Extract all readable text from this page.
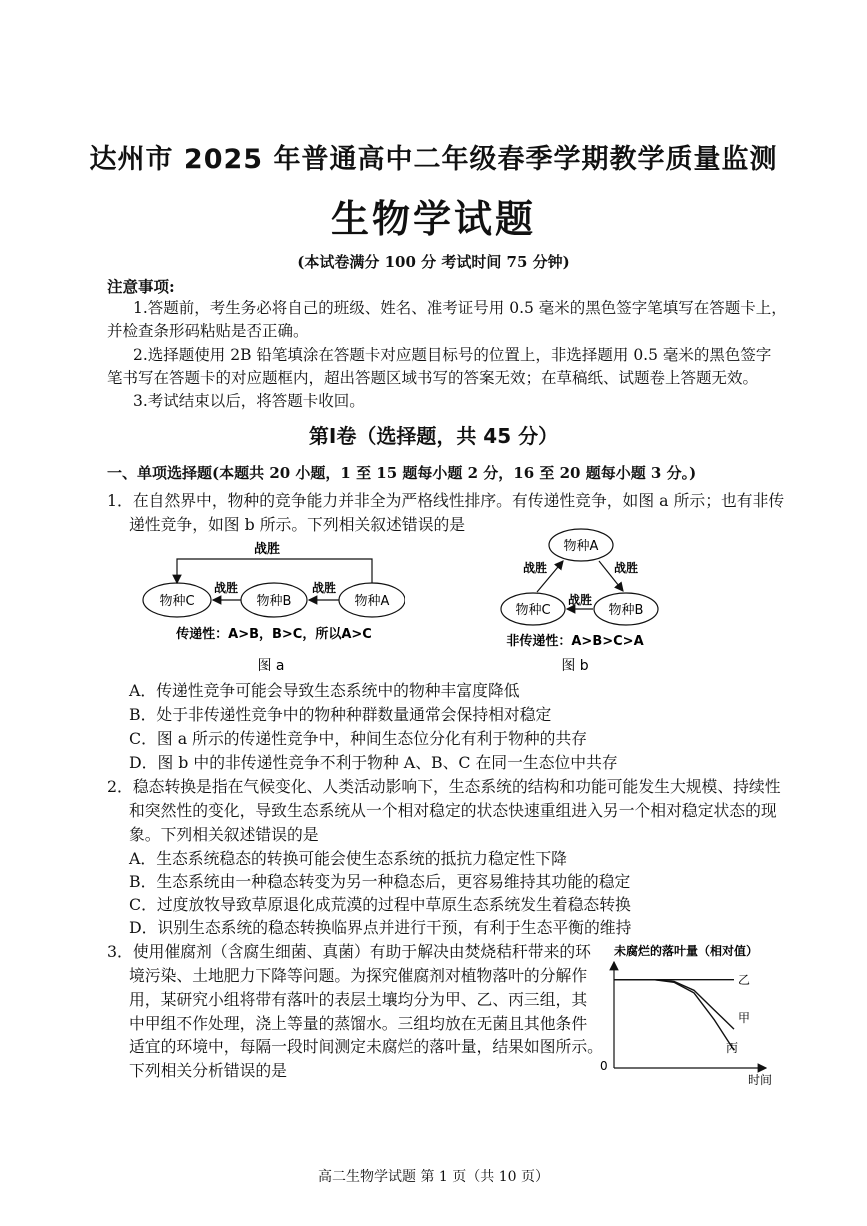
达州市 2025 年普通高中二年级春季学期教学质量监测
生物学试题
(本试卷满分 100 分 考试时间 75 分钟)
注意事项:
1.答题前，考生务必将自己的班级、姓名、准考证号用 0.5 毫米的黑色签字笔填写在答题卡上，
并检查条形码粘贴是否正确。
2.选择题使用 2B 铅笔填涂在答题卡对应题目标号的位置上，非选择题用 0.5 毫米的黑色签字
笔书写在答题卡的对应题框内，超出答题区域书写的答案无效；在草稿纸、试题卷上答题无效。
3.考试结束以后，将答题卡收回。
第Ⅰ卷（选择题，共 45 分）
一、单项选择题(本题共 20 小题，1 至 15 题每小题 2 分，16 至 20 题每小题 3 分。)
1．在自然界中，物种的竞争能力并非全为严格线性排序。有传递性竞争，如图 a 所示；也有非传
递性竞争，如图 b 所示。下列相关叙述错误的是
战胜
物种C	物种B	物种A
战胜	战胜
传递性：A>B，B>C，所以A>C
图 a
物种A
物种C	物种B
战胜	战胜
战胜
非传递性：A>B>C>A
图 b
A．传递性竞争可能会导致生态系统中的物种丰富度降低
B．处于非传递性竞争中的物种种群数量通常会保持相对稳定
C．图 a 所示的传递性竞争中，种间生态位分化有利于物种的共存
D．图 b 中的非传递性竞争不利于物种 A、B、C 在同一生态位中共存
2．稳态转换是指在气候变化、人类活动影响下，生态系统的结构和功能可能发生大规模、持续性
和突然性的变化，导致生态系统从一个相对稳定的状态快速重组进入另一个相对稳定状态的现
象。下列相关叙述错误的是
A．生态系统稳态的转换可能会使生态系统的抵抗力稳定性下降
B．生态系统由一种稳态转变为另一种稳态后，更容易维持其功能的稳定
C．过度放牧导致草原退化成荒漠的过程中草原生态系统发生着稳态转换
D．识别生态系统的稳态转换临界点并进行干预，有利于生态平衡的维持
3．使用催腐剂（含腐生细菌、真菌）有助于解决由焚烧秸秆带来的环
境污染、土地肥力下降等问题。为探究催腐剂对植物落叶的分解作
用，某研究小组将带有落叶的表层土壤均分为甲、乙、丙三组，其
中甲组不作处理，浇上等量的蒸馏水。三组均放在无菌且其他条件
适宜的环境中，每隔一段时间测定未腐烂的落叶量，结果如图所示。
下列相关分析错误的是
未腐烂的落叶量（相对值）
0
时间
乙
甲
丙
高二生物学试题 第 1 页（共 10 页）
